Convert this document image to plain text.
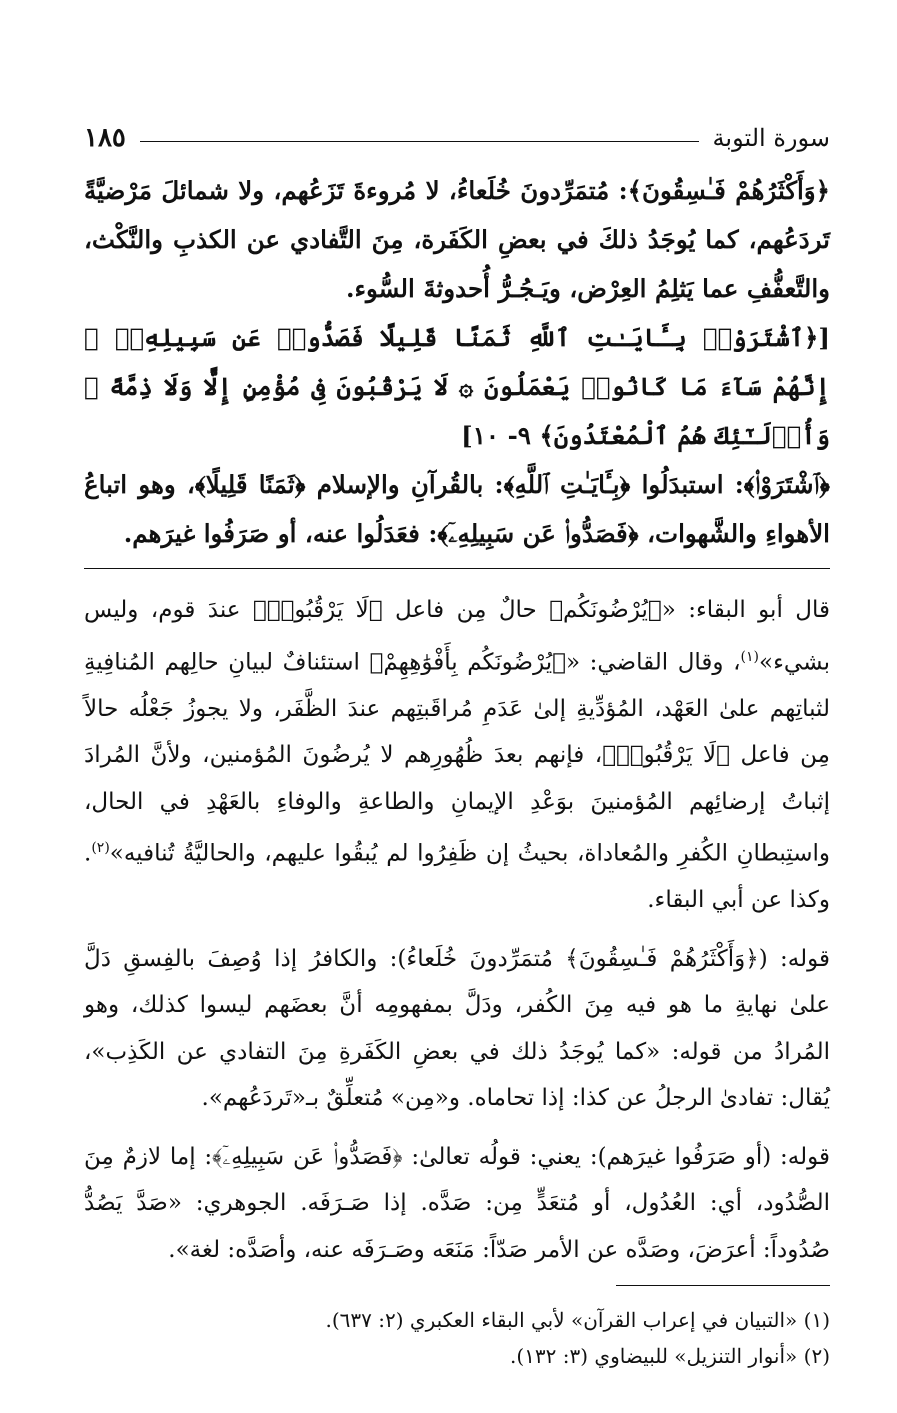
سورة التوبة
١٨٥

﴿وَأَكْثَرُهُمْ فَـٰسِقُونَ﴾: مُتمَرِّدونَ خُلَعاءُ، لا مُروءةَ تَزَعُهم، ولا شمائلَ مَرْضيَّةً تَردَعُهم، كما يُوجَدُ ذلكَ في بعضِ الكَفَرة، مِنَ التَّفادي عن الكذبِ والنَّكْث، والتَّعفُّفِ عما يَثلِمُ العِرْض، ويَـجُـرُّ أُحدوثةَ السُّوء.

[﴿ٱشْتَرَوْا۟ بِـَٔايَـٰتِ ٱللَّهِ ثَمَنًا قَلِيلًا فَصَدُّوا۟ عَن سَبِيلِهِۦٓ ۚ إِنَّهُمْ سَآءَ مَا كَانُوا۟ يَعْمَلُونَ ۞ لَا يَرْقُبُونَ فِى مُؤْمِنٍ إِلًّا وَلَا ذِمَّةً ۚ وَأُو۟لَـٰٓئِكَ هُمُ ٱلْمُعْتَدُونَ﴾ ٩- ١٠]

﴿ٱشْتَرَوْا۟﴾: استبدَلُوا ﴿بِـَٔايَـٰتِ ٱللَّهِ﴾: بالقُرآنِ والإسلام ﴿ثَمَنًا قَلِيلًا﴾، وهو اتباعُ الأهواءِ والشَّهوات، ﴿فَصَدُّوا۟ عَن سَبِيلِهِۦٓ﴾: فعَدَلُوا عنه، أو صَرَفُوا غيرَهم.

قال أبو البقاء: «﴿يُرْضُونَكُم﴾ حالٌ مِن فاعل ﴿لَا يَرْقُبُوا۟﴾ عندَ قوم، وليس بشيء»$^{(١)}$، وقال القاضي: «﴿يُرْضُونَكُم بِأَفْوَٰهِهِمْ﴾ استئنافٌ لبيانِ حالِهم المُنافِيةِ لثباتِهم علىٰ العَهْد، المُؤدِّيةِ إلىٰ عَدَمِ مُراقَبتِهم عندَ الظَّفَر، ولا يجوزُ جَعْلُه حالاً مِن فاعل ﴿لَا يَرْقُبُوا۟﴾، فإنهم بعدَ ظُهُورِهم لا يُرضُونَ المُؤمنين، ولأنَّ المُرادَ إثباتُ إرضائِهم المُؤمنينَ بوَعْدِ الإيمانِ والطاعةِ والوفاءِ بالعَهْدِ في الحال، واستِبطانِ الكُفرِ والمُعاداة، بحيثُ إن ظَفِرُوا لم يُبقُوا عليهم، والحاليَّةُ تُنافيه»$^{(٢)}$. وكذا عن أبي البقاء.

قوله: (﴿وَأَكْثَرُهُمْ فَـٰسِقُونَ﴾ مُتمَرِّدونَ خُلَعاءُ): والكافرُ إذا وُصِفَ بالفِسقِ دَلَّ علىٰ نهايةِ ما هو فيه مِنَ الكُفر، ودَلَّ بمفهومِه أنَّ بعضَهم ليسوا كذلك، وهو المُرادُ من قوله: «كما يُوجَدُ ذلك في بعضِ الكَفَرةِ مِنَ التفادي عن الكَذِب»، يُقال: تفادىٰ الرجلُ عن كذا: إذا تحاماه. و«مِن» مُتعلِّقٌ بـ«تَردَعُهم».

قوله: (أو صَرَفُوا غيرَهم): يعني: قولُه تعالىٰ: ﴿فَصَدُّوا۟ عَن سَبِيلِهِۦٓ﴾: إما لازمٌ مِنَ الصُّدُود، أي: العُدُول، أو مُتعَدٍّ مِن: صَدَّه. إذا صَـرَفَه. الجوهري: «صَدَّ يَصُدُّ صُدُوداً: أعرَضَ، وصَدَّه عن الأمر صَدّاً: مَنَعَه وصَـرَفَه عنه، وأصَدَّه: لغة».

(١) «التبيان في إعراب القرآن» لأبي البقاء العكبري (٢: ٦٣٧).

(٢) «أنوار التنزيل» للبيضاوي (٣: ١٣٢).
